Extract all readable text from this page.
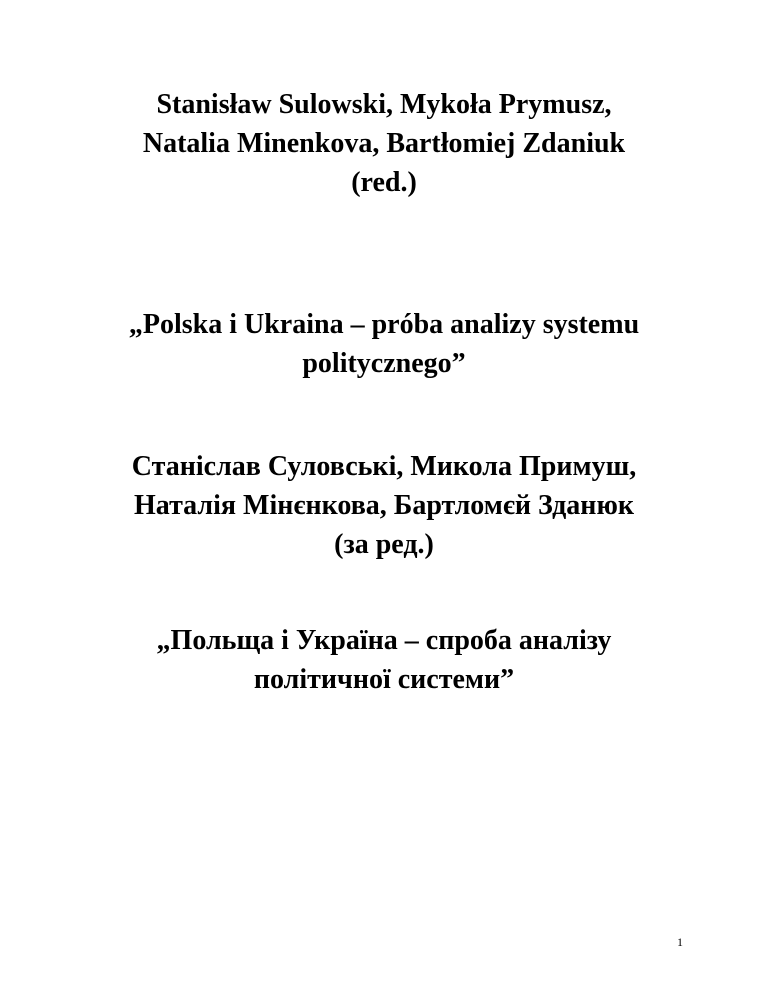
Stanisław Sulowski, Mykoła Prymusz,
Natalia Minenkova, Bartłomiej Zdaniuk
(red.)
„Polska i Ukraina – próba analizy systemu
politycznego”
Станіслав Суловські, Микола Примуш,
Наталія Мінєнкова, Бартломєй Зданюк
(за ред.)
„Польща і Україна – спроба аналізу
політичної системи”
1
